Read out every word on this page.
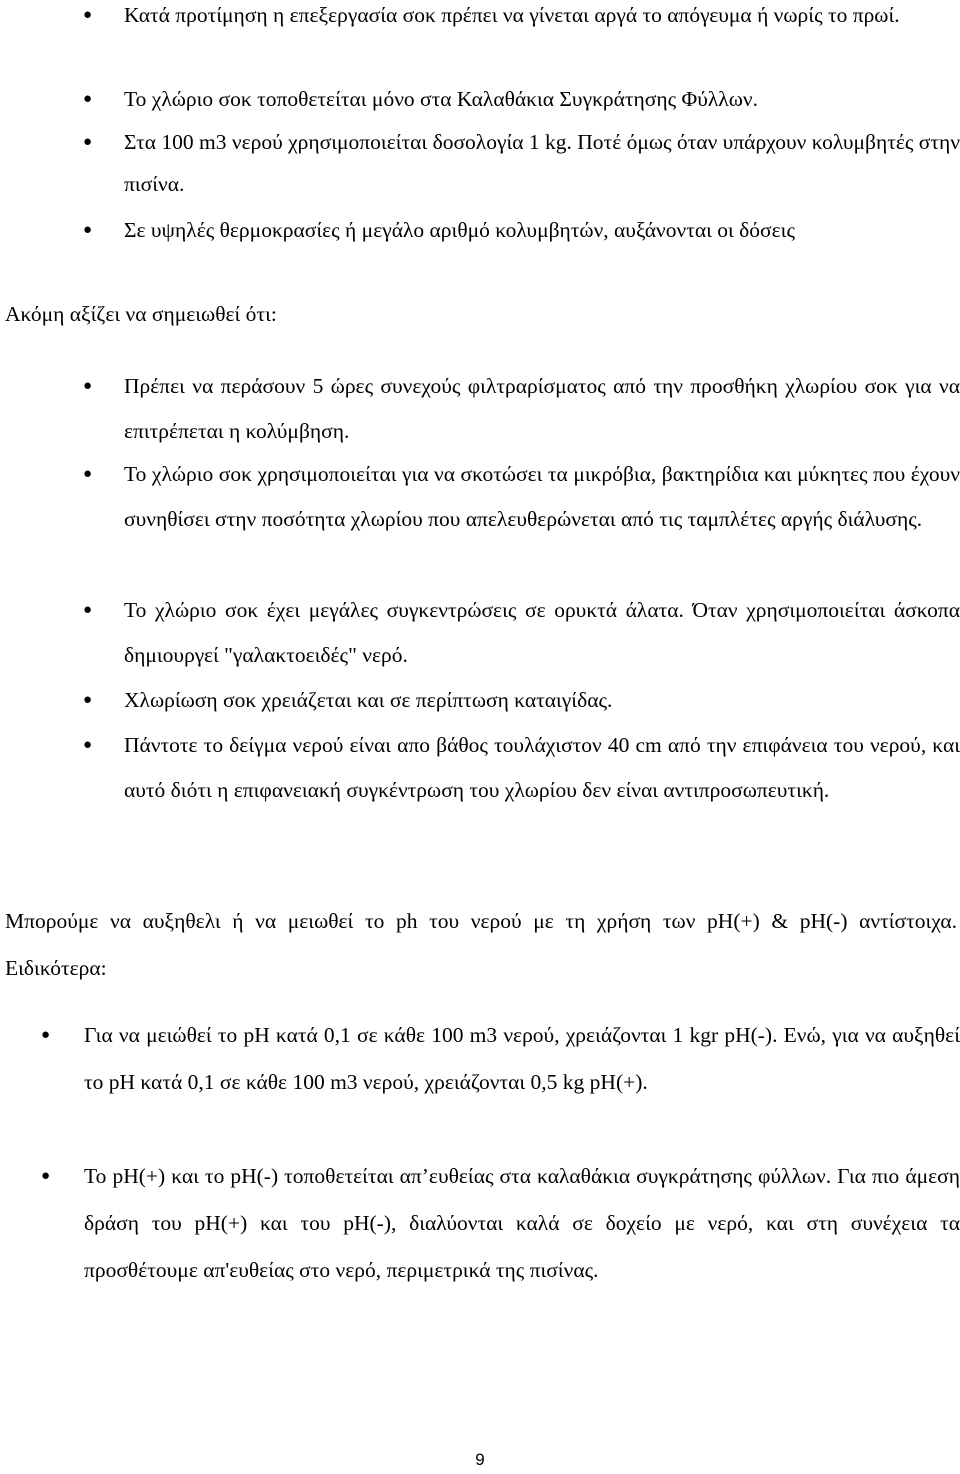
● Κατά προτίμηση η επεξεργασία σοκ πρέπει να γίνεται αργά το απόγευμα ή νωρίς το πρωί.
● Το χλώριο σοκ τοποθετείται μόνο στα Καλαθάκια Συγκράτησης Φύλλων.
● Στα 100 m3 νερού χρησιμοποιείται δοσολογία 1 kg. Ποτέ όμως όταν υπάρχουν κολυμβητές στην πισίνα.
● Σε υψηλές θερμοκρασίες ή μεγάλο αριθμό κολυμβητών, αυξάνονται οι δόσεις

Ακόμη αξίζει να σημειωθεί ότι:

● Πρέπει να περάσουν 5 ώρες συνεχούς φιλτραρίσματος από την προσθήκη χλωρίου σοκ για να επιτρέπεται η κολύμβηση.
● Το χλώριο σοκ χρησιμοποιείται για να σκοτώσει τα μικρόβια, βακτηρίδια και μύκητες που έχουν συνηθίσει στην ποσότητα χλωρίου που απελευθερώνεται από τις ταμπλέτες αργής διάλυσης.
● Το χλώριο σοκ έχει μεγάλες συγκεντρώσεις σε ορυκτά άλατα. Όταν χρησιμοποιείται άσκοπα δημιουργεί "γαλακτοειδές" νερό.
● Χλωρίωση σοκ χρειάζεται και σε περίπτωση καταιγίδας.
● Πάντοτε το δείγμα νερού είναι απο βάθος τουλάχιστον 40 cm από την επιφάνεια του νερού, και αυτό διότι η επιφανειακή συγκέντρωση του χλωρίου δεν είναι αντιπροσωπευτική.

Μπορούμε να αυξηθελι ή να μειωθεί το ph του νερού με τη χρήση των pH(+) & pH(-) αντίστοιχα. Ειδικότερα:

● Για να μειώθεί το pH κατά 0,1 σε κάθε 100 m3 νερού, χρειάζονται 1 kgr pH(-). Ενώ, για να αυξηθεί το pH κατά 0,1 σε κάθε 100 m3 νερού, χρειάζονται 0,5 kg pH(+).
● Το pH(+) και το pH(-) τοποθετείται απ’ευθείας στα καλαθάκια συγκράτησης φύλλων. Για πιο άμεση δράση του pH(+) και του pH(-), διαλύονται καλά σε δοχείο με νερό, και στη συνέχεια τα προσθέτουμε απ'ευθείας στο νερό, περιμετρικά της πισίνας.
9
